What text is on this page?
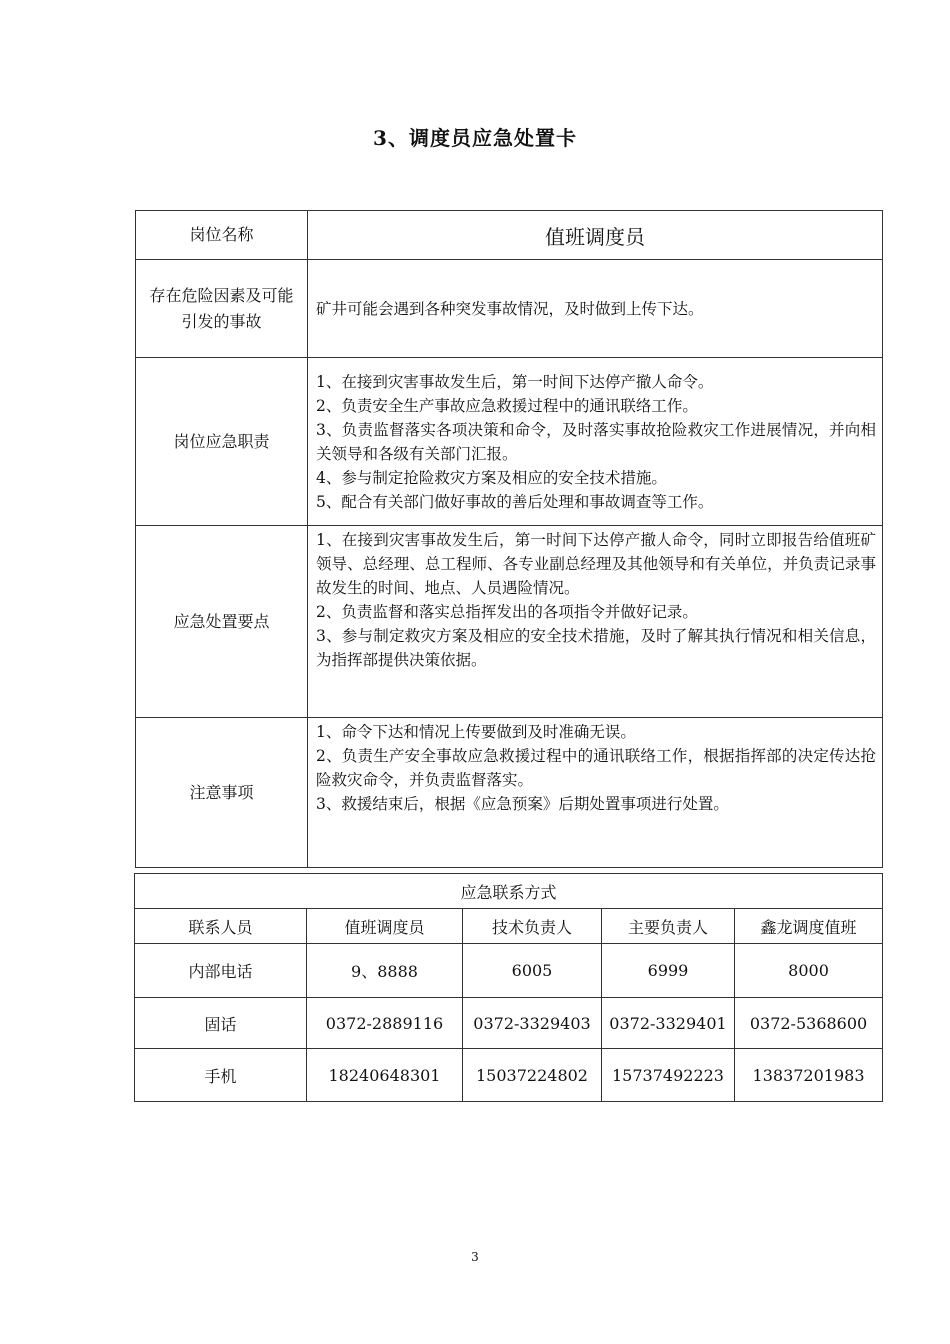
3、调度员应急处置卡
岗位名称	值班调度员
存在危险因素及可能引发的事故	矿井可能会遇到各种突发事故情况，及时做到上传下达。
岗位应急职责	1、在接到灾害事故发生后，第一时间下达停产撤人命令。
2、负责安全生产事故应急救援过程中的通讯联络工作。
3、负责监督落实各项决策和命令，及时落实事故抢险救灾工作进展情况，并向相关领导和各级有关部门汇报。
4、参与制定抢险救灾方案及相应的安全技术措施。
5、配合有关部门做好事故的善后处理和事故调查等工作。

应急处置要点	1、在接到灾害事故发生后，第一时间下达停产撤人命令，同时立即报告给值班矿领导、总经理、总工程师、各专业副总经理及其他领导和有关单位，并负责记录事故发生的时间、地点、人员遇险情况。
2、负责监督和落实总指挥发出的各项指令并做好记录。
3、参与制定救灾方案及相应的安全技术措施，及时了解其执行情况和相关信息，为指挥部提供决策依据。

注意事项	1、命令下达和情况上传要做到及时准确无误。
2、负责生产安全事故应急救援过程中的通讯联络工作，根据指挥部的决定传达抢险救灾命令，并负责监督落实。
3、救援结束后，根据《应急预案》后期处置事项进行处置。
应急联系方式				
联系人员	值班调度员	技术负责人	主要负责人	鑫龙调度值班
内部电话	9、8888	6005	6999	8000
固话	0372-2889116	0372-3329403	0372-3329401	0372-5368600
手机	18240648301	15037224802	15737492223	13837201983
3
